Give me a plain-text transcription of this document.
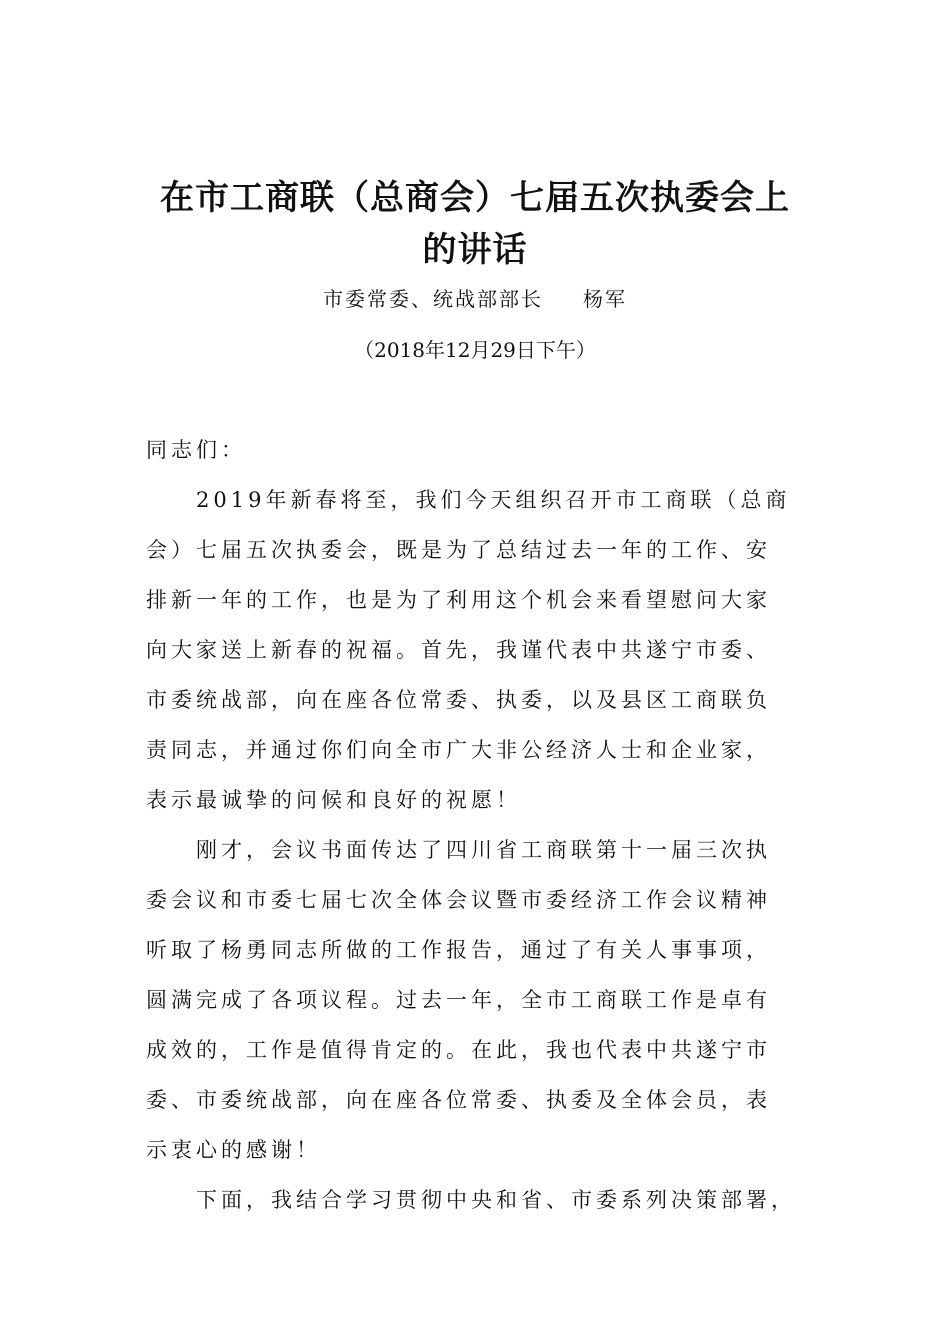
在市工商联（总商会）七届五次执委会上
的讲话
市委常委、统战部部长 杨军
（2018年12月29日下午）
同志们：
2019年新春将至，我们今天组织召开市工商联（总商
会）七届五次执委会，既是为了总结过去一年的工作、安
排新一年的工作，也是为了利用这个机会来看望慰问大家
向大家送上新春的祝福。首先，我谨代表中共遂宁市委、
市委统战部，向在座各位常委、执委，以及县区工商联负
责同志，并通过你们向全市广大非公经济人士和企业家，
表示最诚挚的问候和良好的祝愿！
刚才，会议书面传达了四川省工商联第十一届三次执
委会议和市委七届七次全体会议暨市委经济工作会议精神
听取了杨勇同志所做的工作报告，通过了有关人事事项，
圆满完成了各项议程。过去一年，全市工商联工作是卓有
成效的，工作是值得肯定的。在此，我也代表中共遂宁市
委、市委统战部，向在座各位常委、执委及全体会员，表
示衷心的感谢！
下面，我结合学习贯彻中央和省、市委系列决策部署，
